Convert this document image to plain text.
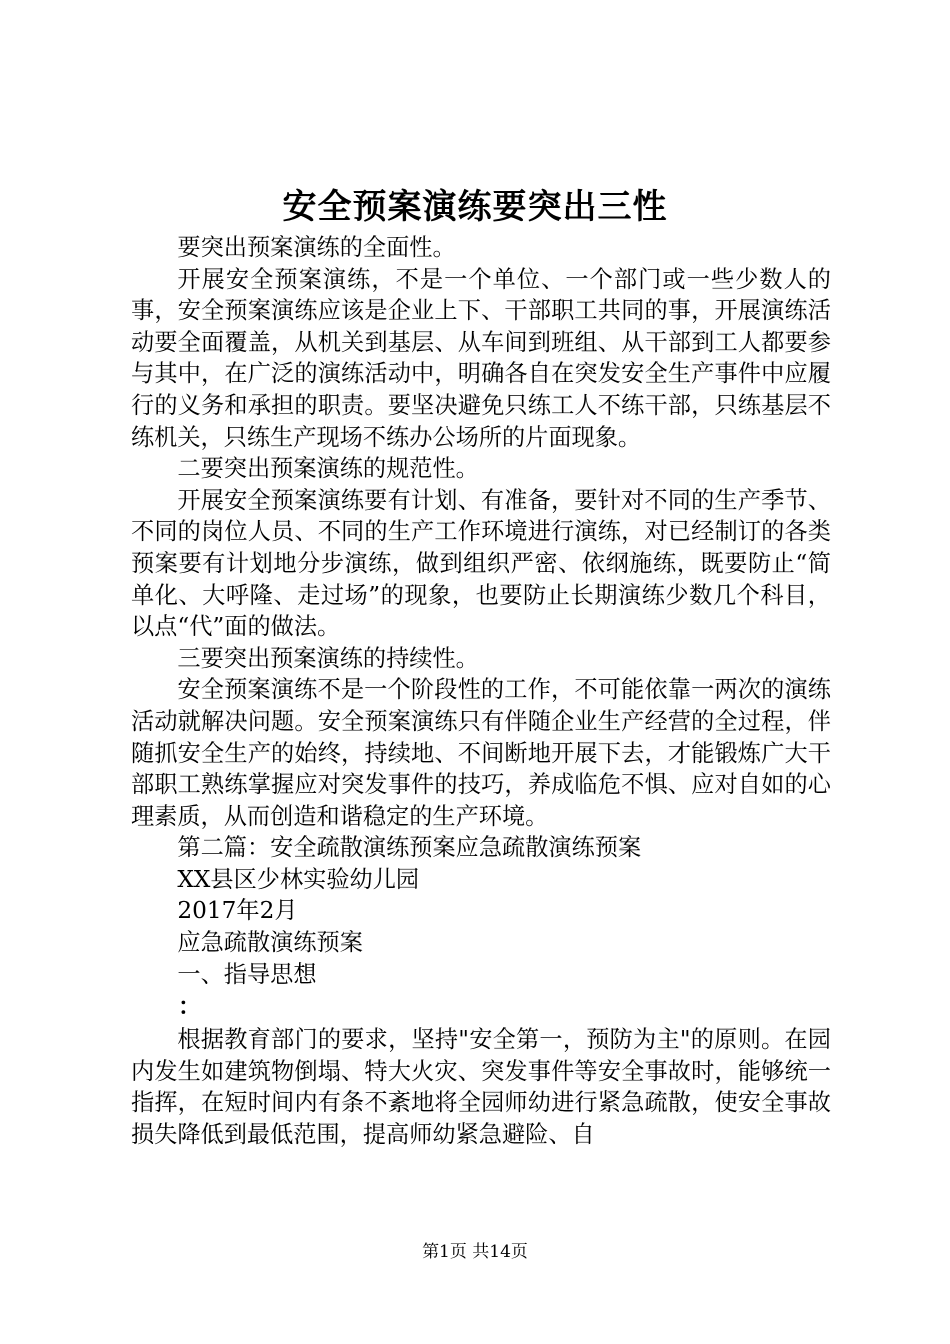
安全预案演练要突出三性

要突出预案演练的全面性。

开展安全预案演练，不是一个单位、一个部门或一些少数人的事，安全预案演练应该是企业上下、干部职工共同的事，开展演练活动要全面覆盖，从机关到基层、从车间到班组、从干部到工人都要参与其中，在广泛的演练活动中，明确各自在突发安全生产事件中应履行的义务和承担的职责。要坚决避免只练工人不练干部，只练基层不练机关，只练生产现场不练办公场所的片面现象。

二要突出预案演练的规范性。

开展安全预案演练要有计划、有准备，要针对不同的生产季节、不同的岗位人员、不同的生产工作环境进行演练，对已经制订的各类预案要有计划地分步演练，做到组织严密、依纲施练，既要防止“简单化、大呼隆、走过场”的现象，也要防止长期演练少数几个科目，以点“代”面的做法。

三要突出预案演练的持续性。

安全预案演练不是一个阶段性的工作，不可能依靠一两次的演练活动就解决问题。安全预案演练只有伴随企业生产经营的全过程，伴随抓安全生产的始终，持续地、不间断地开展下去，才能锻炼广大干部职工熟练掌握应对突发事件的技巧，养成临危不惧、应对自如的心理素质，从而创造和谐稳定的生产环境。

第二篇：安全疏散演练预案应急疏散演练预案

XX县区少林实验幼儿园

2017年2月

应急疏散演练预案

一、指导思想

：

根据教育部门的要求，坚持"安全第一，预防为主"的原则。在园内发生如建筑物倒塌、特大火灾、突发事件等安全事故时，能够统一指挥，在短时间内有条不紊地将全园师幼进行紧急疏散，使安全事故损失降低到最低范围，提高师幼紧急避险、自

第1页 共14页
